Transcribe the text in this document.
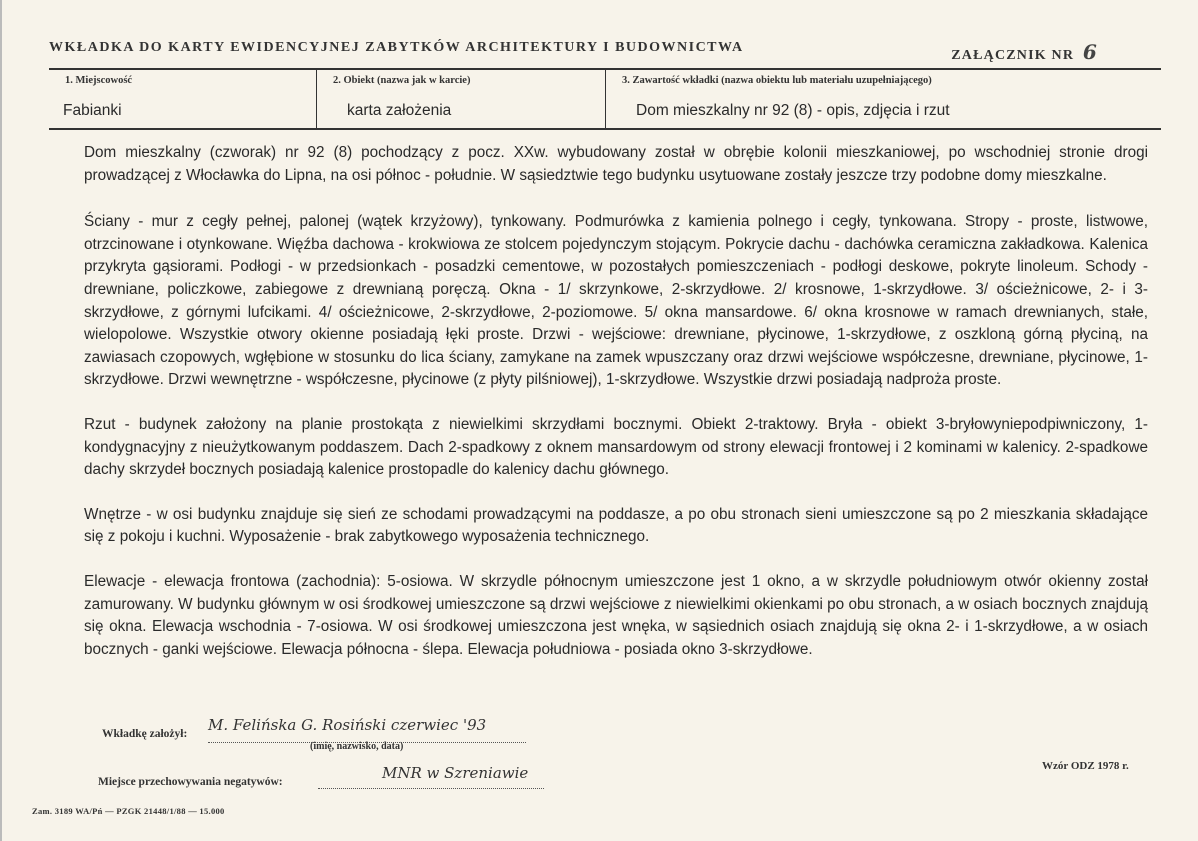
WKŁADKA DO KARTY EWIDENCYJNEJ ZABYTKÓW ARCHITEKTURY I BUDOWNICTWA
ZAŁĄCZNIK NR 6
1. Miejscowość
Fabianki
2. Obiekt (nazwa jak w karcie)
karta założenia
3. Zawartość wkładki (nazwa obiektu lub materiału uzupełniającego)
Dom mieszkalny nr 92 (8) - opis, zdjęcia i rzut

Dom mieszkalny (czworak) nr 92 (8) pochodzący z pocz. XXw. wybudowany został w obrębie kolonii mieszkaniowej, po wschodniej stronie drogi prowadzącej z Włocławka do Lipna, na osi północ - południe. W sąsiedztwie tego budynku usytuowane zostały jeszcze trzy podobne domy mieszkalne.

Ściany - mur z cegły pełnej, palonej (wątek krzyżowy), tynkowany. Podmurówka z kamienia polnego i cegły, tynkowana. Stropy - proste, listwowe, otrzcinowane i otynkowane. Więźba dachowa - krokwiowa ze stolcem pojedynczym stojącym. Pokrycie dachu - dachówka ceramiczna zakładkowa. Kalenica przykryta gąsiorami. Podłogi - w przedsionkach - posadzki cementowe, w pozostałych pomieszczeniach - podłogi deskowe, pokryte linoleum. Schody - drewniane, policzkowe, zabiegowe z drewnianą poręczą. Okna - 1/ skrzynkowe, 2-skrzydłowe. 2/ krosnowe, 1-skrzydłowe. 3/ ościeżnicowe, 2- i 3-skrzydłowe, z górnymi lufcikami. 4/ ościeżnicowe, 2-skrzydłowe, 2-poziomowe. 5/ okna mansardowe. 6/ okna krosnowe w ramach drewnianych, stałe, wielopolowe. Wszystkie otwory okienne posiadają łęki proste. Drzwi - wejściowe: drewniane, płycinowe, 1-skrzydłowe, z oszkloną górną płyciną, na zawiasach czopowych, wgłębione w stosunku do lica ściany, zamykane na zamek wpuszczany oraz drzwi wejściowe współczesne, drewniane, płycinowe, 1-skrzydłowe. Drzwi wewnętrzne - współczesne, płycinowe (z płyty pilśniowej), 1-skrzydłowe. Wszystkie drzwi posiadają nadproża proste.

Rzut - budynek założony na planie prostokąta z niewielkimi skrzydłami bocznymi. Obiekt 2-traktowy. Bryła - obiekt 3-bryłowyniepodpiwniczony, 1-kondygnacyjny z nieużytkowanym poddaszem. Dach 2-spadkowy z oknem mansardowym od strony elewacji frontowej i 2 kominami w kalenicy. 2-spadkowe dachy skrzydeł bocznych posiadają kalenice prostopadle do kalenicy dachu głównego.

Wnętrze - w osi budynku znajduje się sień ze schodami prowadzącymi na poddasze, a po obu stronach sieni umieszczone są po 2 mieszkania składające się z pokoju i kuchni. Wyposażenie - brak zabytkowego wyposażenia technicznego.

Elewacje - elewacja frontowa (zachodnia): 5-osiowa. W skrzydle północnym umieszczone jest 1 okno, a w skrzydle południowym otwór okienny został zamurowany. W budynku głównym w osi środkowej umieszczone są drzwi wejściowe z niewielkimi okienkami po obu stronach, a w osiach bocznych znajdują się okna. Elewacja wschodnia - 7-osiowa. W osi środkowej umieszczona jest wnęka, w sąsiednich osiach znajdują się okna 2- i 1-skrzydłowe, a w osiach bocznych - ganki wejściowe. Elewacja północna - ślepa. Elewacja południowa - posiada okno 3-skrzydłowe.

Wkładkę założył: M. Felińska G. Rosiński czerwiec '93
(imię, nazwisko, data)
Miejsce przechowywania negatywów:	MNR w Szreniawie	Wzór ODZ 1978 r.
Zam. 3189 WA/Pń — PZGK 21448/1/88 — 15.000
